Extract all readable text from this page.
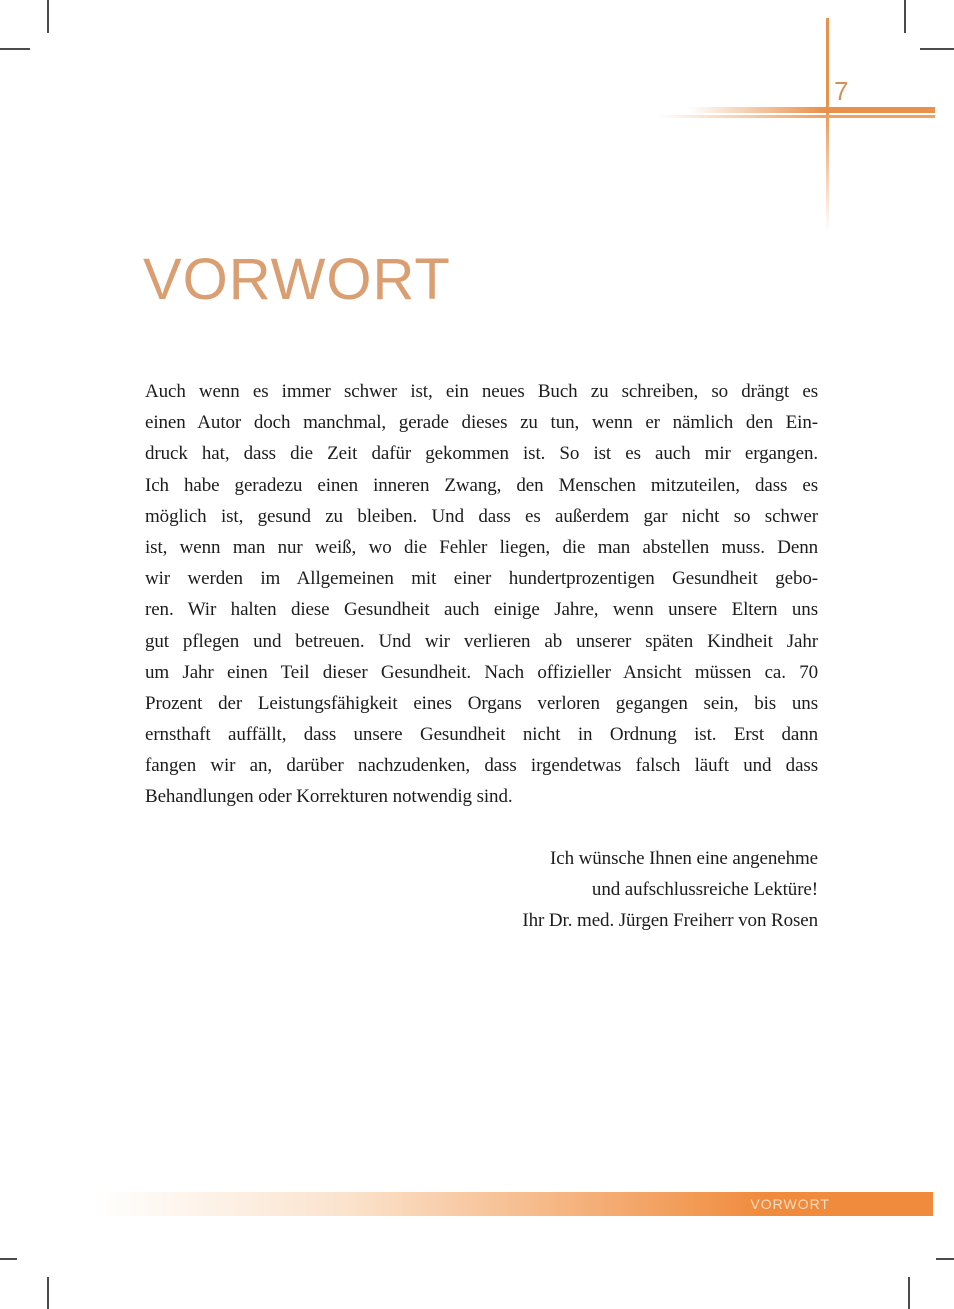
7
VORWORT
Auch wenn es immer schwer ist, ein neues Buch zu schreiben, so drängt es
einen Autor doch manchmal, gerade dieses zu tun, wenn er nämlich den Ein-
druck hat, dass die Zeit dafür gekommen ist. So ist es auch mir ergangen.
Ich habe geradezu einen inneren Zwang, den Menschen mitzuteilen, dass es
möglich ist, gesund zu bleiben. Und dass es außerdem gar nicht so schwer
ist, wenn man nur weiß, wo die Fehler liegen, die man abstellen muss. Denn
wir werden im Allgemeinen mit einer hundertprozentigen Gesundheit gebo-
ren. Wir halten diese Gesundheit auch einige Jahre, wenn unsere Eltern uns
gut pflegen und betreuen. Und wir verlieren ab unserer späten Kindheit Jahr
um Jahr einen Teil dieser Gesundheit. Nach offizieller Ansicht müssen ca. 70
Prozent der Leistungsfähigkeit eines Organs verloren gegangen sein, bis uns
ernsthaft auffällt, dass unsere Gesundheit nicht in Ordnung ist. Erst dann
fangen wir an, darüber nachzudenken, dass irgendetwas falsch läuft und dass
Behandlungen oder Korrekturen notwendig sind.
Ich wünsche Ihnen eine angenehme
und aufschlussreiche Lektüre!
Ihr Dr. med. Jürgen Freiherr von Rosen
VORWORT
